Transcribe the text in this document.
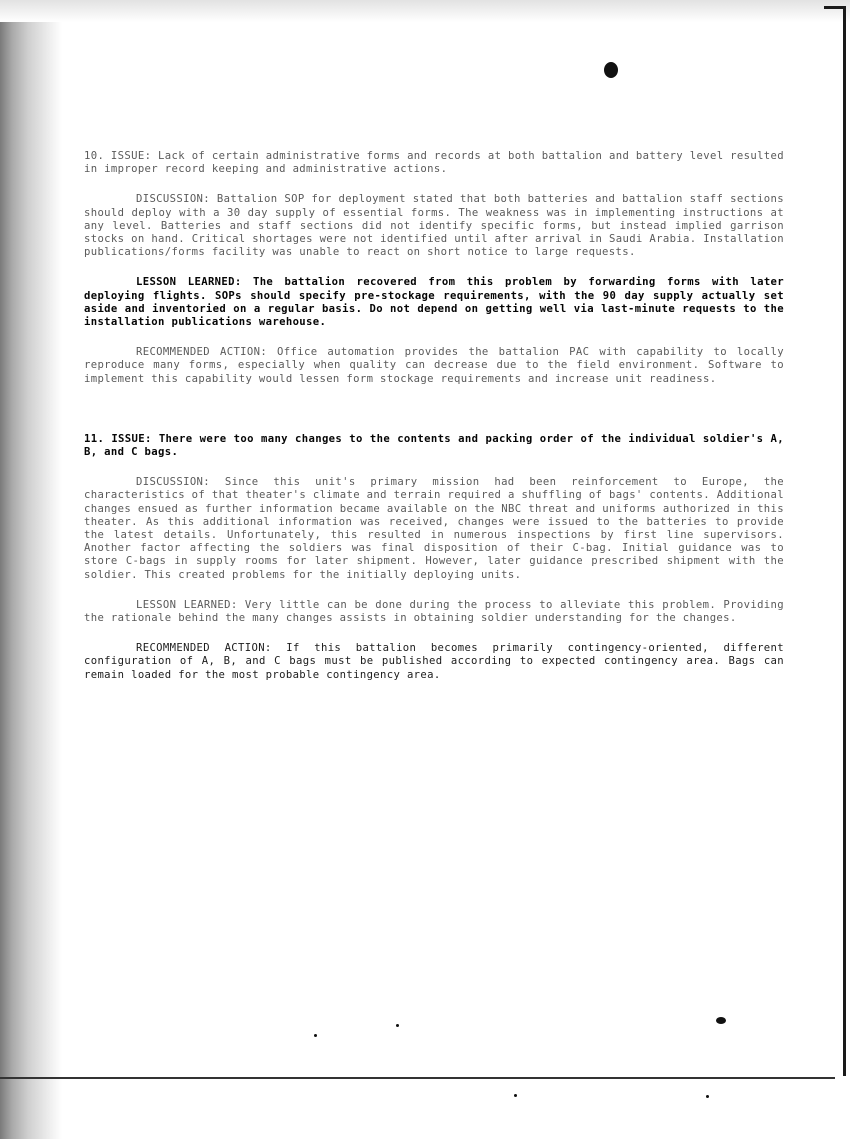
10. ISSUE: Lack of certain administrative forms and records at both battalion and battery level resulted in improper record keeping and administrative actions.

DISCUSSION: Battalion SOP for deployment stated that both batteries and battalion staff sections should deploy with a 30 day supply of essential forms. The weakness was in implementing instructions at any level. Batteries and staff sections did not identify specific forms, but instead implied garrison stocks on hand. Critical shortages were not identified until after arrival in Saudi Arabia. Installation publications/forms facility was unable to react on short notice to large requests.

LESSON LEARNED: The battalion recovered from this problem by forwarding forms with later deploying flights. SOPs should specify pre-stockage requirements, with the 90 day supply actually set aside and inventoried on a regular basis. Do not depend on getting well via last-minute requests to the installation publications warehouse.

RECOMMENDED ACTION: Office automation provides the battalion PAC with capability to locally reproduce many forms, especially when quality can decrease due to the field environment. Software to implement this capability would lessen form stockage requirements and increase unit readiness.

11. ISSUE: There were too many changes to the contents and packing order of the individual soldier's A, B, and C bags.

DISCUSSION: Since this unit's primary mission had been reinforcement to Europe, the characteristics of that theater's climate and terrain required a shuffling of bags' contents. Additional changes ensued as further information became available on the NBC threat and uniforms authorized in this theater. As this additional information was received, changes were issued to the batteries to provide the latest details. Unfortunately, this resulted in numerous inspections by first line supervisors. Another factor affecting the soldiers was final disposition of their C-bag. Initial guidance was to store C-bags in supply rooms for later shipment. However, later guidance prescribed shipment with the soldier. This created problems for the initially deploying units.

LESSON LEARNED: Very little can be done during the process to alleviate this problem. Providing the rationale behind the many changes assists in obtaining soldier understanding for the changes.

RECOMMENDED ACTION: If this battalion becomes primarily contingency-oriented, different configuration of A, B, and C bags must be published according to expected contingency area. Bags can remain loaded for the most probable contingency area.
